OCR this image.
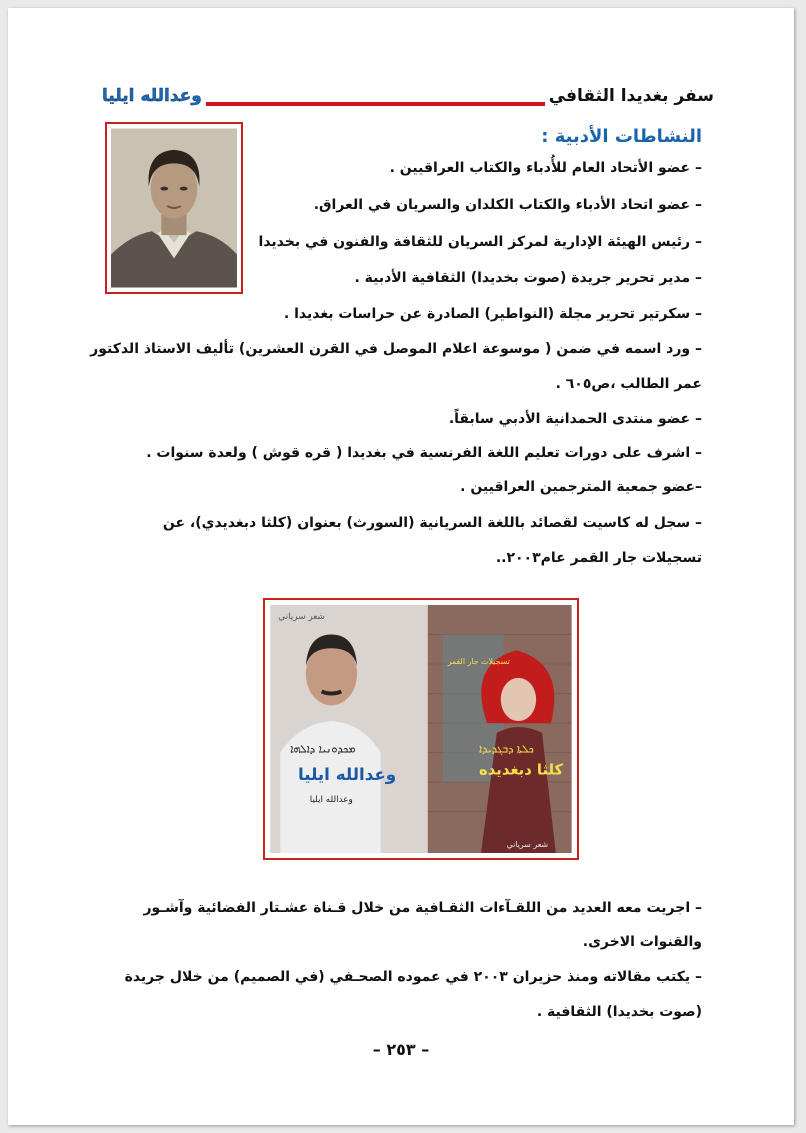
وعدالله ايليا	سفر بغديدا الثقافي
النشاطات الأدبية :
– عضو الأتحاد العام للأُدباء والكتاب العراقيين .
– عضو اتحاد الأدباء والكتاب الكلدان والسريان في العراق.
– رئيس الهيئة الإدارية لمركز السريان للثقافة والفنون في بخديدا
– مدير تحرير جريدة (صوت بخديدا) الثقافية الأدبية .
– سكرتير تحرير مجلة (النواطير) الصادرة عن حراسات بغديدا .
– ورد اسمه في ضمن ( موسوعة اعلام الموصل في القرن العشرين) تأليف الاستاذ الدكتور
عمر الطالب ،ص٦٠٥ .
– عضو منتدى الحمدانية الأدبي سابقاً.
– اشرف على دورات تعليم اللغة الفرنسية في بغديدا ( قره قوش ) ولعدة سنوات .
–عضو جمعية المترجمين العراقيين .
– سجل له كاسيت لقصائد باللغة السريانية (السورث) بعنوان (كلثا دبغديدي)، عن
تسجيلات جار القمر عام٢٠٠٣..
شعر سرياني
تسجيلات جار القمر
ܡܟܕܘܢܝܐ ܕܐܠܗܐ
وعدالله ايليا
وعدالله ايليا
ܟܠܬܐ ܕܒܓܕܝܕܐ
كلثا دبغديده
شعر سرياني
– اجريت معه العديد من اللقـآءات الثقـافية من خلال قـناة عشـتار الفضائية وآشـور
والقنوات الاخرى.
– يكتب مقالاته ومنذ حزيران ٢٠٠٣ في عموده الصحـفي (في الصميم) من خلال جريدة
(صوت بخديدا) الثقافية .
– ٢٥٣ –
